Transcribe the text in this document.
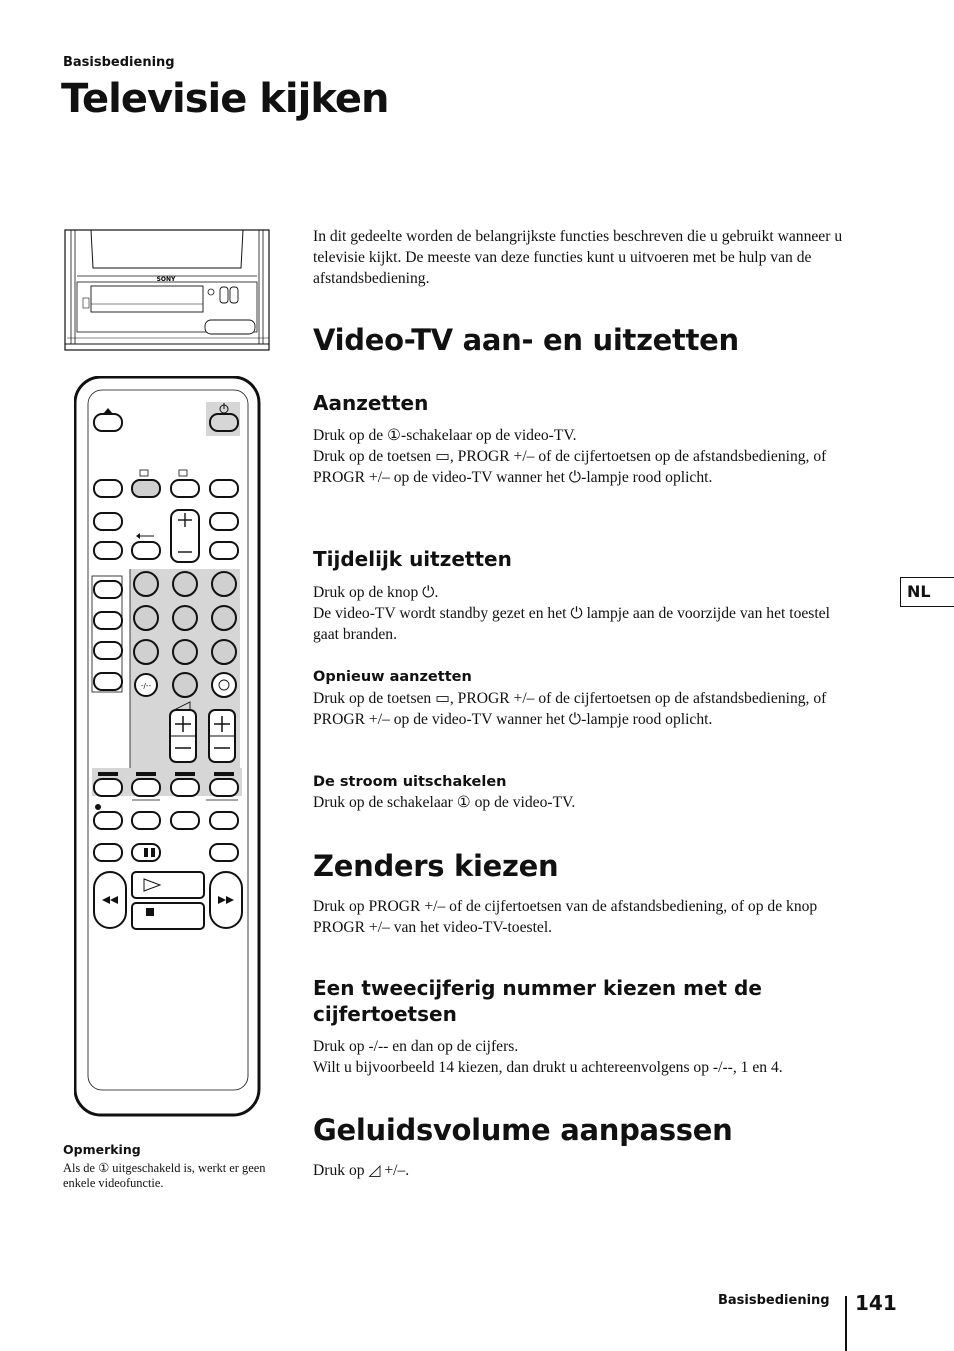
Basisbediening
Televisie kijken
SONY
-/--

In dit gedeelte worden de belangrijkste functies beschreven die u gebruikt wanneer u televisie kijkt. De meeste van deze functies kunt u uitvoeren met be hulp van de afstandsbediening.

Video-TV aan- en uitzetten
Aanzetten
Druk op de ①-schakelaar op de video-TV.
Druk op de toetsen ▭, PROGR +/– of de cijfertoetsen op de afstandsbediening, of PROGR +/– op de video-TV wanner het ⏻-lampje rood oplicht.
Tijdelijk uitzetten
Druk op de knop ⏻.
De video-TV wordt standby gezet en het ⏻ lampje aan de voorzijde van het toestel gaat branden.
Opnieuw aanzetten

Druk op de toetsen ▭, PROGR +/– of de cijfertoetsen op de afstandsbediening, of PROGR +/– op de video-TV wanner het ⏻-lampje rood oplicht.

De stroom uitschakelen

Druk op de schakelaar ① op de video-TV.

Zenders kiezen

Druk op PROGR +/– of de cijfertoetsen van de afstandsbediening, of op de knop PROGR +/– van het video-TV-toestel.

Een tweecijferig nummer kiezen met de cijfertoetsen
Druk op -/-- en dan op de cijfers.
Wilt u bijvoorbeeld 14 kiezen, dan drukt u achtereenvolgens op -/--, 1 en 4.
Geluidsvolume aanpassen

Druk op ◿ +/–.

NL
Opmerking
Als de ① uitgeschakeld is, werkt er geen enkele videofunctie.
Basisbediening 141
